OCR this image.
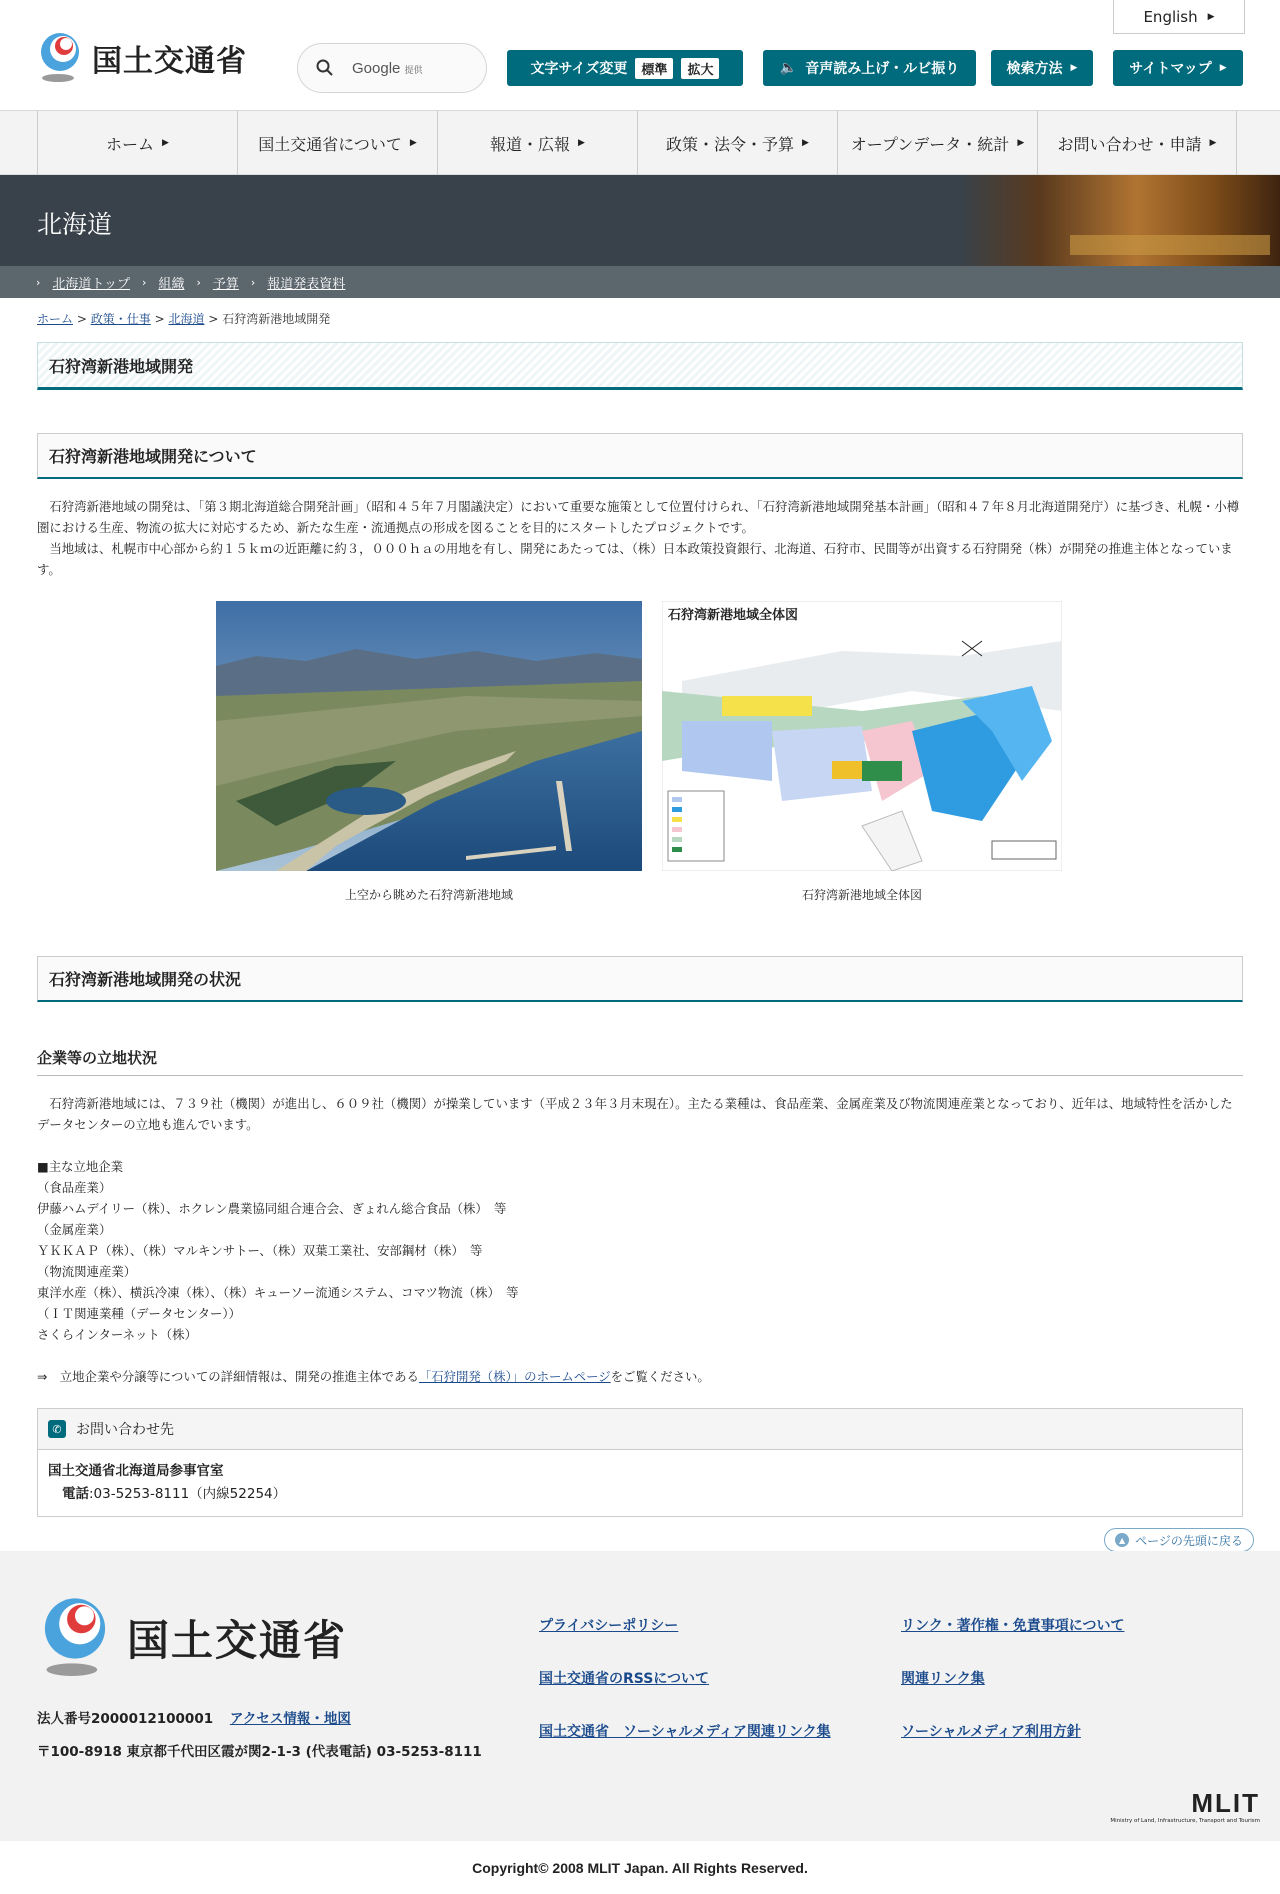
国土交通省
English ▶
Google 提供	文字サイズ変更	標準	拡大	🔈 音声読み上げ・ルビ振り	検索方法 ▶	サイトマップ ▶
ホーム ▶	国土交通省について ▶	報道・広報 ▶	政策・法令・予算 ▶	オープンデータ・統計 ▶ お問い合わせ・申請 ▶
北海道
› 北海道トップ › 組織 › 予算 › 報道発表資料
ホーム > 政策・仕事 > 北海道 > 石狩湾新港地域開発
石狩湾新港地域開発
石狩湾新港地域開発について

　石狩湾新港地域の開発は、「第３期北海道総合開発計画」（昭和４５年７月閣議決定）において重要な施策として位置付けられ、「石狩湾新港地域開発基本計画」（昭和４７年８月北海道開発庁）に基づき、札幌・小樽圏における生産、物流の拡大に対応するため、新たな生産・流通拠点の形成を図ることを目的にスタートしたプロジェクトです。

　当地域は、札幌市中心部から約１５ｋｍの近距離に約３，０００ｈａの用地を有し、開発にあたっては、（株）日本政策投資銀行、北海道、石狩市、民間等が出資する石狩開発（株）が開発の推進主体となっています。

上空から眺めた石狩湾新港地域
石狩湾新港地域全体図
石狩湾新港地域全体図
石狩湾新港地域開発の状況
企業等の立地状況

　石狩湾新港地域には、７３９社（機関）が進出し、６０９社（機関）が操業しています（平成２３年３月末現在）。主たる業種は、食品産業、金属産業及び物流関連産業となっており、近年は、地域特性を活かしたデータセンターの立地も進んでいます。

■主な立地企業
（食品産業）
伊藤ハムデイリー（株）、ホクレン農業協同組合連合会、ぎょれん総合食品（株）　等
（金属産業）
ＹＫＫＡＰ（株）、（株）マルキンサトー、（株）双葉工業社、安部鋼材（株）　等
（物流関連産業）
東洋水産（株）、横浜冷凍（株）、（株）キューソー流通システム、コマツ物流（株）　等
（ＩＴ関連業種（データセンター））
さくらインターネット（株）

⇒　立地企業や分譲等についての詳細情報は、開発の推進主体である「石狩開発（株）」のホームページをご覧ください。

✆	お問い合わせ先
国土交通省北海道局参事官室
電話:03-5253-8111（内線52254）
▲ ページの先頭に戻る
国土交通省
法人番号2000012100001 アクセス情報・地図
〒100-8918 東京都千代田区霞が関2-1-3 (代表電話) 03-5253-8111
プライバシーポリシー	リンク・著作権・免責事項について
国土交通省のRSSについて	関連リンク集
国土交通省　ソーシャルメディア関連リンク集	ソーシャルメディア利用方針
MLIT
Ministry of Land, Infrastructure, Transport and Tourism
Copyright© 2008 MLIT Japan. All Rights Reserved.
